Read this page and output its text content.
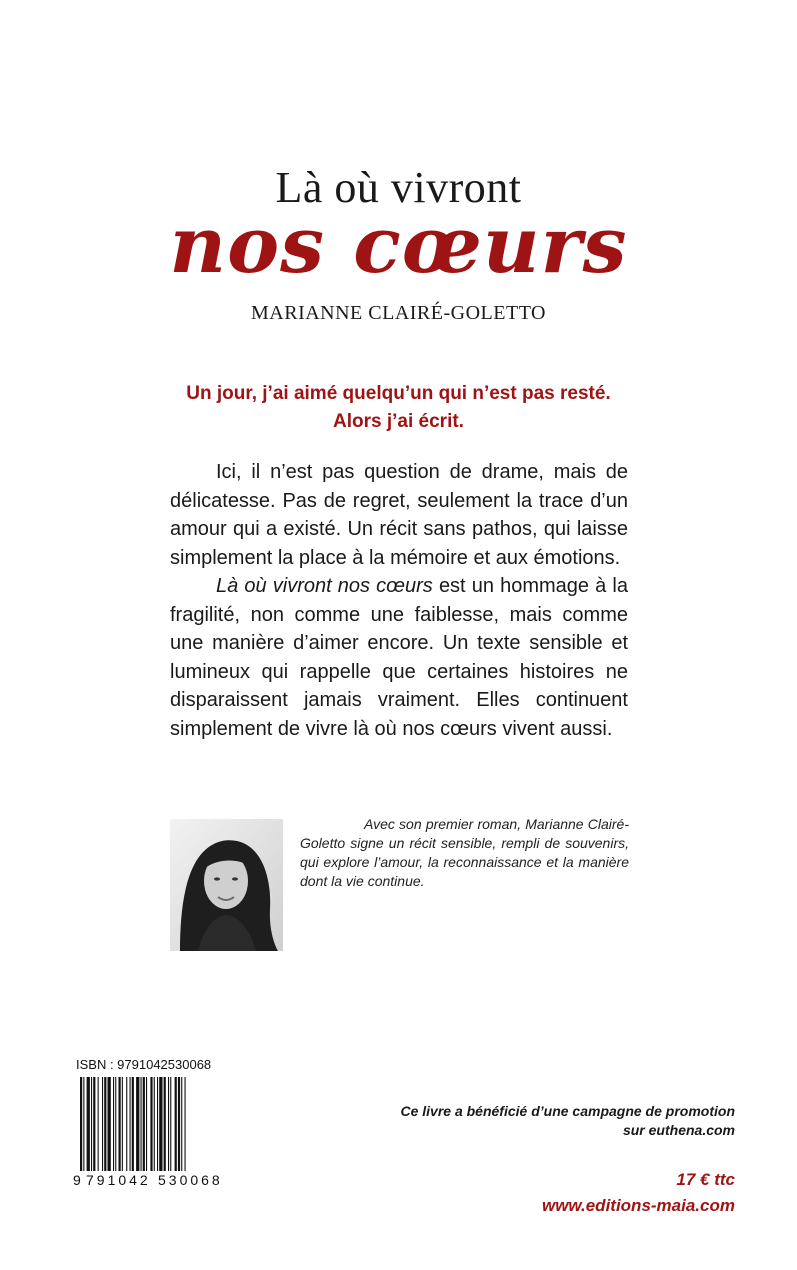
Là où vivront
nos cœurs
MARIANNE CLAIRÉ-GOLETTO
Un jour, j’ai aimé quelqu’un qui n’est pas resté.
Alors j’ai écrit.

Ici, il n’est pas question de drame, mais de délicatesse. Pas de regret, seulement la trace d’un amour qui a existé. Un récit sans pathos, qui laisse simplement la place à la mémoire et aux émotions.

Là où vivront nos cœurs est un hommage à la fragilité, non comme une faiblesse, mais comme une manière d’aimer encore. Un texte sensible et lumineux qui rappelle que certaines histoires ne disparaissent jamais vraiment. Elles continuent simplement de vivre là où nos cœurs vivent aussi.

Avec son premier roman, Marianne Clairé-Goletto signe un récit sensible, rempli de souvenirs, qui explore l’amour, la reconnaissance et la manière dont la vie continue.
ISBN : 9791042530068
9 791042 530068
Ce livre a bénéficié d’une campagne de promotion
sur euthena.com
17 € ttc
www.editions-maia.com
